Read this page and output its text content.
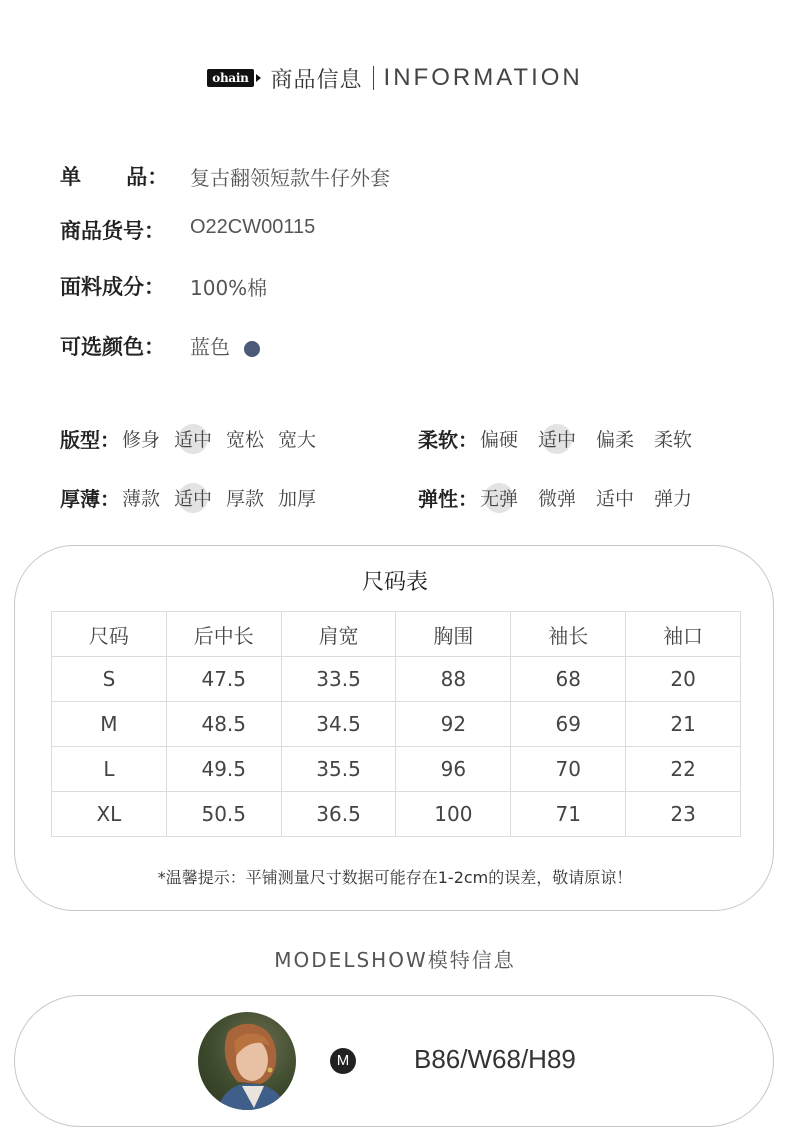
ohain 商品信息 INFORMATION
单 品： 复古翻领短款牛仔外套
商品货号： O22CW00115
面料成分： 100%棉
可选颜色： 蓝色
版型： 修身 适中 宽松 宽大	柔软： 偏硬 适中 偏柔 柔软
厚薄： 薄款 适中 厚款 加厚	弹性： 无弹 微弹 适中 弹力
尺码表
尺码	后中长	肩宽	胸围	袖长	袖口
S	47.5	33.5	88	68	20
M	48.5	34.5	92	69	21
L	49.5	35.5	96	70	22
XL	50.5	36.5	100	71	23
*温馨提示：平铺测量尺寸数据可能存在1-2cm的误差，敬请原谅！
MODELSHOW模特信息
M B86/W68/H89
